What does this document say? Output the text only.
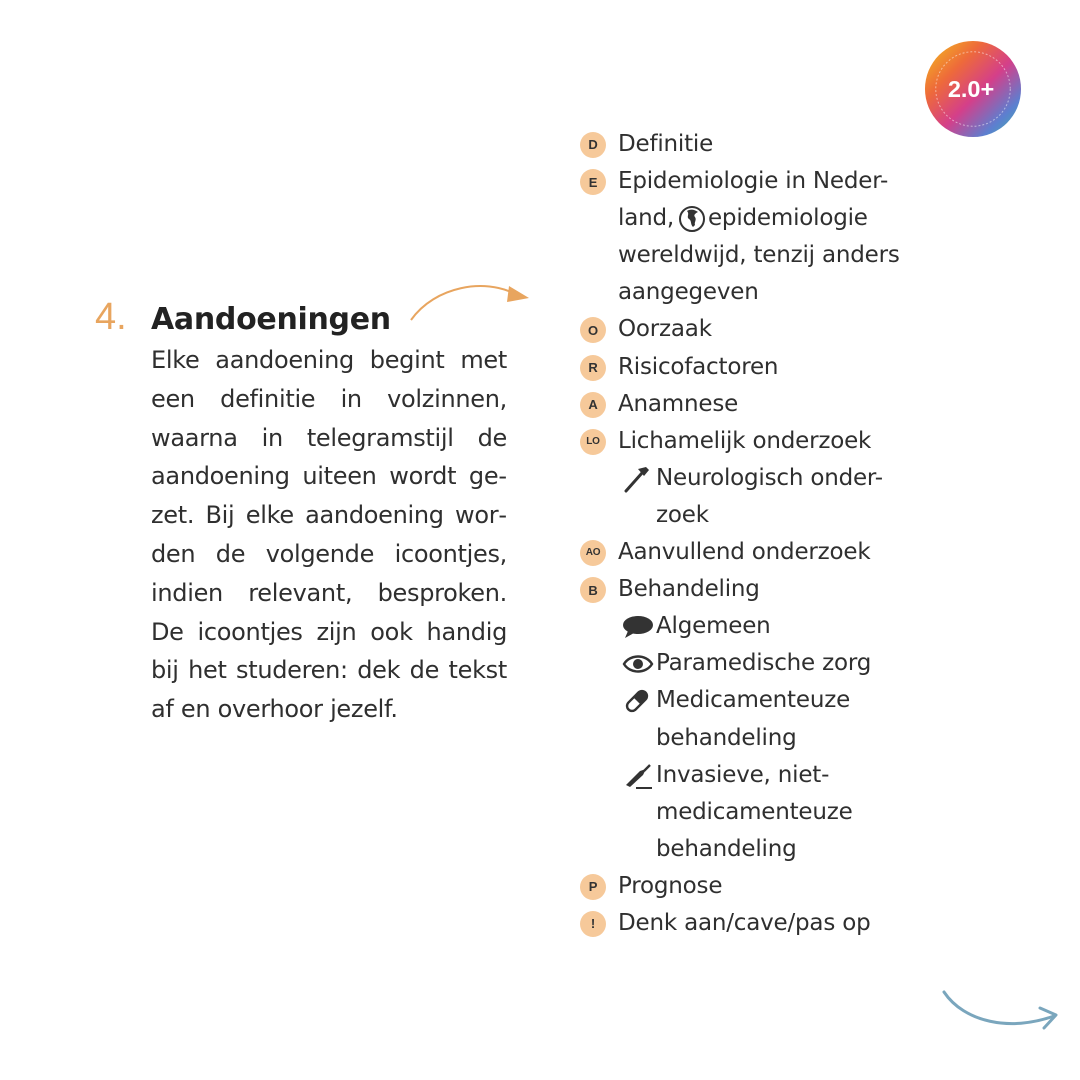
2.0+
4. Aandoeningen

Elke aandoening begint met een definitie in volzinnen, waarna in telegramstijl de aandoening uiteen wordt gezet. Bij elke aandoening worden de volgende icoontjes, indien relevant, besproken. De icoontjes zijn ook handig bij het studeren: dek de tekst af en overhoor jezelf.

D Definitie
E Epidemiologie in Neder-
land, epidemiologie
wereldwijd, tenzij anders
aangegeven
O Oorzaak
R Risicofactoren
A Anamnese
LO Lichamelijk onderzoek
Neurologisch onder-
zoek
AO Aanvullend onderzoek
B Behandeling
Algemeen
Paramedische zorg
Medicamenteuze
behandeling
Invasieve, niet-
medicamenteuze
behandeling
P Prognose
! Denk aan/cave/pas op
